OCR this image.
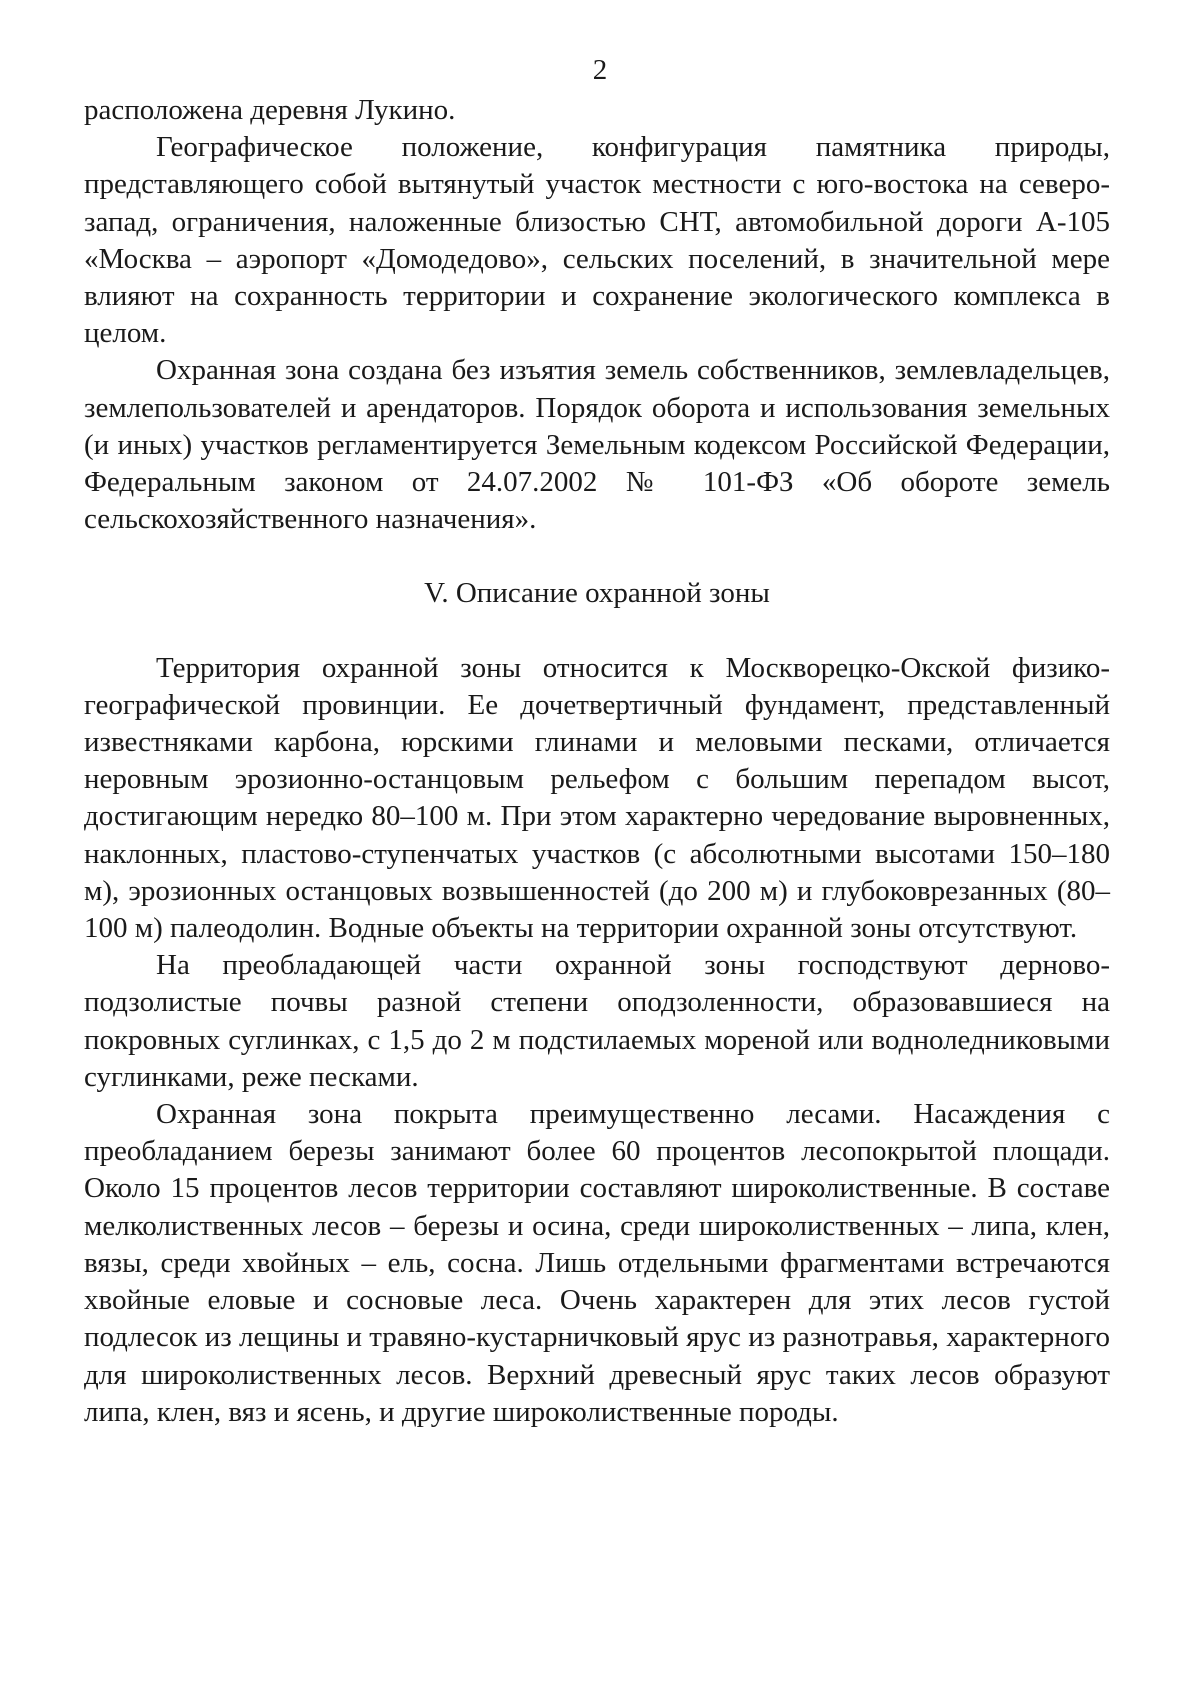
2

расположена деревня Лукино.

Географическое положение, конфигурация памятника природы, представляющего собой вытянутый участок местности с юго-востока на северо-запад, ограничения, наложенные близостью СНТ, автомобильной дороги А-105 «Москва – аэропорт «Домодедово», сельских поселений, в значительной мере влияют на сохранность территории и сохранение экологического комплекса в целом.

Охранная зона создана без изъятия земель собственников, землевладельцев, землепользователей и арендаторов. Порядок оборота и использования земельных (и иных) участков регламентируется Земельным кодексом Российской Федерации, Федеральным законом от 24.07.2002 № 101-ФЗ «Об обороте земель сельскохозяйственного назначения».

V. Описание охранной зоны

Территория охранной зоны относится к Москворецко-Окской физико-географической провинции. Ее дочетвертичный фундамент, представленный известняками карбона, юрскими глинами и меловыми песками, отличается неровным эрозионно-останцовым рельефом с большим перепадом высот, достигающим нередко 80–100 м. При этом характерно чередование выровненных, наклонных, пластово-ступенчатых участков (с абсолютными высотами 150–180 м), эрозионных останцовых возвышенностей (до 200 м) и глубоковрезанных (80–100 м) палеодолин. Водные объекты на территории охранной зоны отсутствуют.

На преобладающей части охранной зоны господствуют дерново-подзолистые почвы разной степени оподзоленности, образовавшиеся на покровных суглинках, с 1,5 до 2 м подстилаемых мореной или водноледниковыми суглинками, реже песками.

Охранная зона покрыта преимущественно лесами. Насаждения с преобладанием березы занимают более 60 процентов лесопокрытой площади. Около 15 процентов лесов территории составляют широколиственные. В составе мелколиственных лесов – березы и осина, среди широколиственных – липа, клен, вязы, среди хвойных – ель, сосна. Лишь отдельными фрагментами встречаются хвойные еловые и сосновые леса. Очень характерен для этих лесов густой подлесок из лещины и травяно-кустарничковый ярус из разнотравья, характерного для широколиственных лесов. Верхний древесный ярус таких лесов образуют липа, клен, вяз и ясень, и другие широколиственные породы.
